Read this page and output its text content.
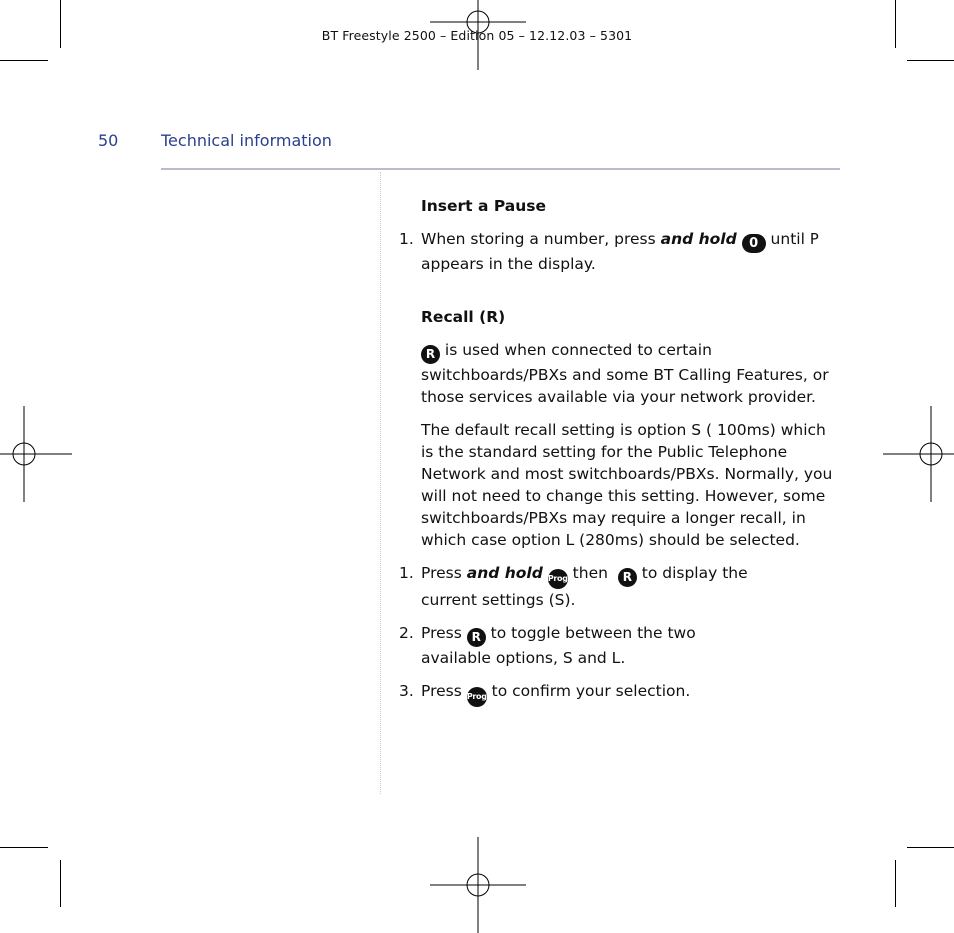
BT Freestyle 2500 – Edition 05 – 12.12.03 – 5301
50	Technical information

Insert a Pause

1. When storing a number, press and hold 0 until P
appears in the display.

Recall (R)

R is used when connected to certain switchboards/PBXs and some BT Calling Features, or those services available via your network provider.

The default recall setting is option S ( 100ms) which is the standard setting for the Public Telephone Network and most switchboards/PBXs. Normally, you will not need to change this setting. However, some switchboards/PBXs may require a longer recall, in which case option L (280ms) should be selected.

1. Press and hold Prog then  R to display the current settings (S).

2. Press R to toggle between the two available options, S and L.

3. Press Prog to confirm your selection.
